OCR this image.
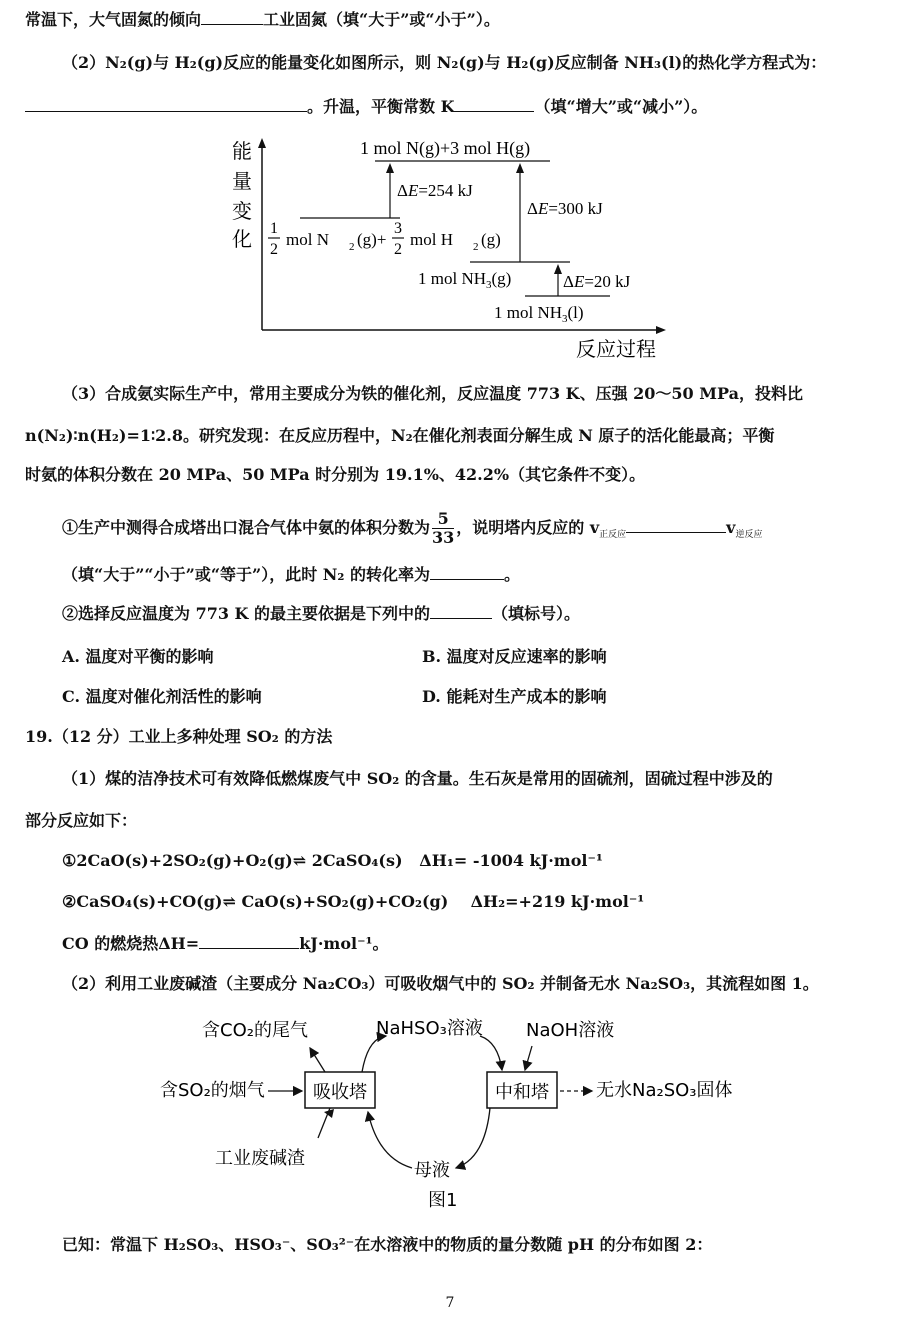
常温下，大气固氮的倾向	工业固氮（填“大于”或“小于”）。
（2）N₂(g)与 H₂(g)反应的能量变化如图所示，则 N₂(g)与 H₂(g)反应制备 NH₃(l)的热化学方程式为：
。升温，平衡常数 K	（填“增大”或“减小”）。
能
量
变
化
反应过程
1 mol N(g)+3 mol H(g)
1
2
mol N 2 (g)+
3
2
mol H 2 (g)
ΔE=254 kJ
ΔE=300 kJ
1 mol $NH_3(g)$	ΔE=20 kJ
1 mol $NH_3(l)$
（3）合成氨实际生产中，常用主要成分为铁的催化剂，反应温度 773 K、压强 20～50 MPa，投料比
n(N₂)∶n(H₂)=1∶2.8。研究发现：在反应历程中，N₂在催化剂表面分解生成 N 原子的活化能最高；平衡
时氨的体积分数在 20 MPa、50 MPa 时分别为 19.1%、42.2%（其它条件不变）。
①生产中测得合成塔出口混合气体中氨的体积分数为 $\frac{5}{33}$ ，说明塔内反应的 $v_{正反应}$	$v_{逆反应}$
（填“大于”“小于”或“等于”），此时 N₂ 的转化率为	。
②选择反应温度为 773 K 的最主要依据是下列中的	（填标号）。
A. 温度对平衡的影响	B. 温度对反应速率的影响
C. 温度对催化剂活性的影响	D. 能耗对生产成本的影响
19.（12 分）工业上多种处理 SO₂ 的方法
（1）煤的洁净技术可有效降低燃煤废气中 SO₂ 的含量。生石灰是常用的固硫剂，固硫过程中涉及的
部分反应如下：
①2CaO(s)+2SO₂(g)+O₂(g)⇌ 2CaSO₄(s) ΔH₁= -1004 kJ·mol⁻¹
②CaSO₄(s)+CO(g)⇌ CaO(s)+SO₂(g)+CO₂(g) ΔH₂=+219 kJ·mol⁻¹
CO 的燃烧热ΔH=	kJ·mol⁻¹。
（2）利用工业废碱渣（主要成分 Na₂CO₃）可吸收烟气中的 SO₂ 并制备无水 Na₂SO₃，其流程如图 1。
含CO₂的尾气	NaHSO₃溶液 NaOH溶液
含SO₂的烟气	吸收塔	中和塔	无水Na₂SO₃固体
工业废碱渣
母液
图1
已知：常温下 H₂SO₃、HSO₃⁻、SO₃²⁻在水溶液中的物质的量分数随 pH 的分布如图 2：
7
